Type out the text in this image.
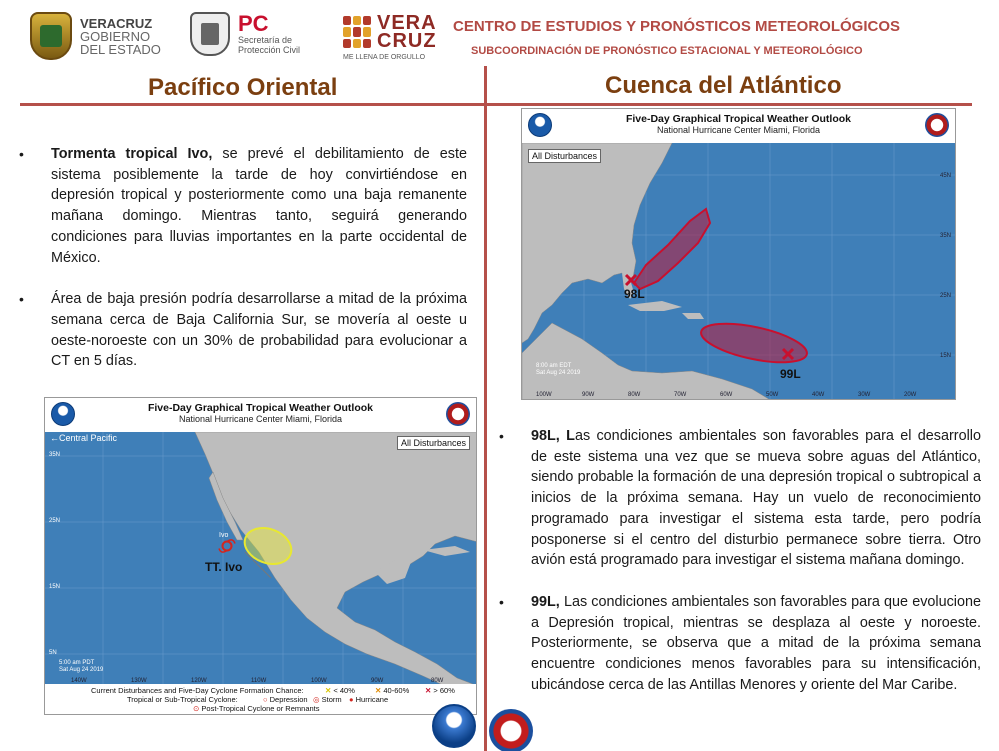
VERACRUZ
GOBIERNO
DEL ESTADO
PC
Secretaría de
Protección Civil
VERA
CRUZ
ME LLENA DE ORGULLO
CENTRO DE ESTUDIOS Y PRONÓSTICOS METEOROLÓGICOS
SUBCOORDINACIÓN DE PRONÓSTICO ESTACIONAL Y METEOROLÓGICO
Pacífico Oriental	Cuenca del Atlántico
• Tormenta tropical Ivo, se prevé el debilitamiento de este sistema posiblemente la tarde de hoy convirtiéndose en depresión tropical y posteriormente como una baja remanente mañana domingo. Mientras tanto, seguirá generando condiciones para lluvias importantes en la parte occidental de México.
• Área de baja presión podría desarrollarse a mitad de la próxima semana cerca de Baja California Sur, se movería al oeste u oeste-noroeste con un 30% de probabilidad para evolucionar a CT en 5 días.
• 98L, Las condiciones ambientales son favorables para el desarrollo de este sistema una vez que se mueva sobre aguas del Atlántico, siendo probable la formación de una depresión tropical o subtropical a inicios de la próxima semana. Hay un vuelo de reconocimiento programado para investigar el sistema esta tarde, pero podría posponerse si el centro del disturbio permanece sobre tierra. Otro avión está programado para investigar el sistema mañana domingo.
• 99L, Las condiciones ambientales son favorables para que evolucione a Depresión tropical, mientras se desplaza al oeste y noroeste. Posteriormente, se observa que a mitad de la próxima semana encuentre condiciones menos favorables para su intensificación, ubicándose cerca de las Antillas Menores y oriente del Mar Caribe.
Five-Day Graphical Tropical Weather Outlook
National Hurricane Center Miami, Florida
All Disturbances
98L
99L
8:00 am EDT
Sat Aug 24 2019
45N
35N
25N
15N
100W	90W	80W	70W	60W	50W	40W	30W	20W
Five-Day Graphical Tropical Weather Outlook
National Hurricane Center Miami, Florida
All Disturbances
←Central Pacific
Ivo
TT. Ivo
5:00 am PDT
Sat Aug 24 2019
35N
25N
15N
5N
140W	130W	120W	110W	100W	90W	80W
Current Disturbances and Five-Day Cyclone Formation Chance:	✕ < 40%	✕ 40-60% ✕ > 60%
Tropical or Sub-Tropical Cyclone:	○ Depression ◎ Storm ● Hurricane
⊙ Post-Tropical Cyclone or Remnants
